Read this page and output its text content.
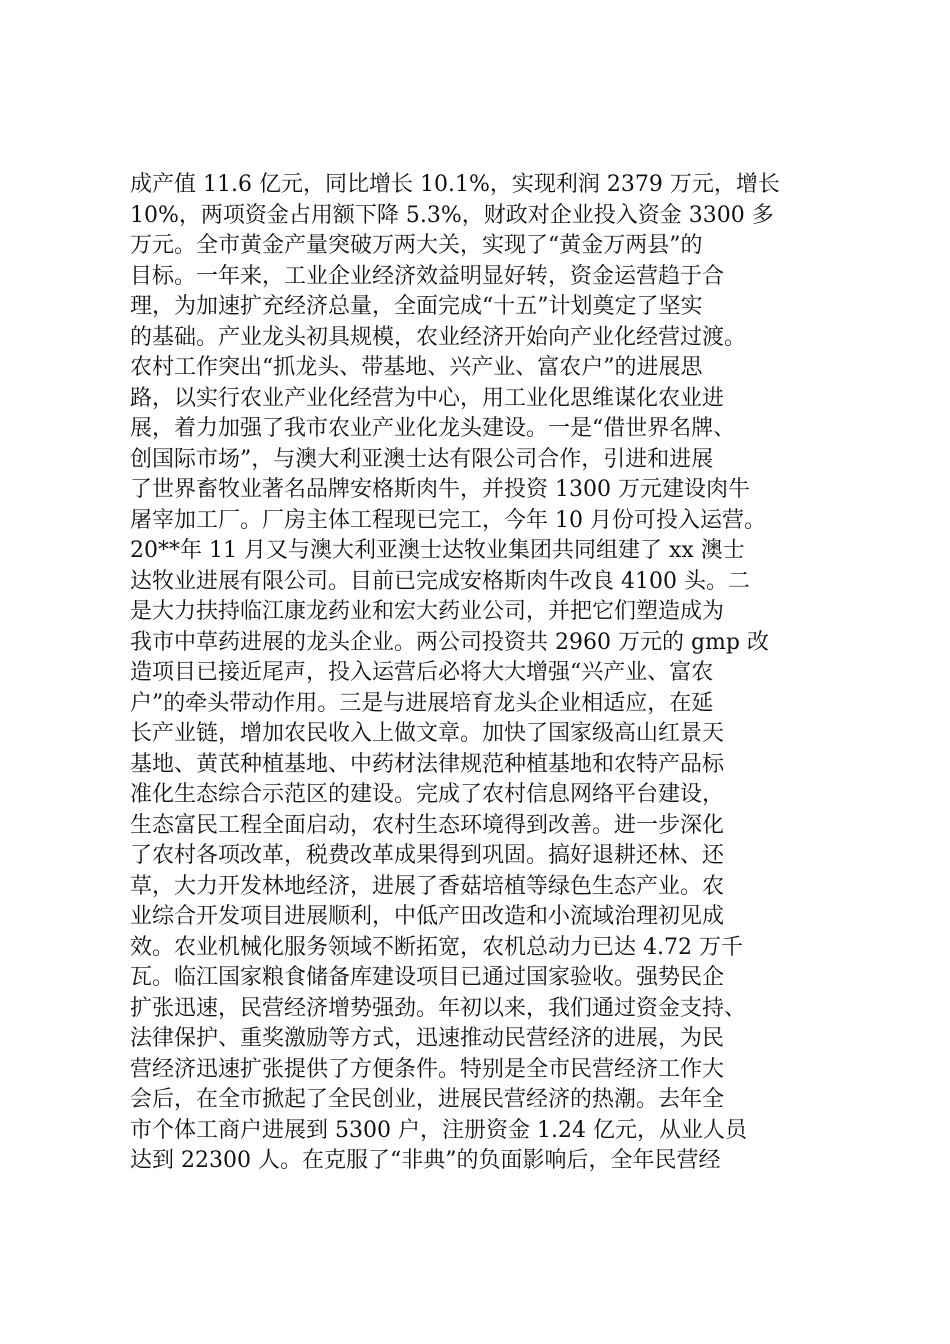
成产值 11.6 亿元，同比增长 10.1%，实现利润 2379 万元，增长
10%，两项资金占用额下降 5.3%，财政对企业投入资金 3300 多
万元。全市黄金产量突破万两大关，实现了“黄金万两县”的
目标。一年来，工业企业经济效益明显好转，资金运营趋于合
理，为加速扩充经济总量，全面完成“十五”计划奠定了坚实
的基础。产业龙头初具规模，农业经济开始向产业化经营过渡。
农村工作突出“抓龙头、带基地、兴产业、富农户”的进展思
路，以实行农业产业化经营为中心，用工业化思维谋化农业进
展，着力加强了我市农业产业化龙头建设。一是“借世界名牌、
创国际市场”，与澳大利亚澳士达有限公司合作，引进和进展
了世界畜牧业著名品牌安格斯肉牛，并投资 1300 万元建设肉牛
屠宰加工厂。厂房主体工程现已完工，今年 10 月份可投入运营。
20**年 11 月又与澳大利亚澳士达牧业集团共同组建了 xx 澳士
达牧业进展有限公司。目前已完成安格斯肉牛改良 4100 头。二
是大力扶持临江康龙药业和宏大药业公司，并把它们塑造成为
我市中草药进展的龙头企业。两公司投资共 2960 万元的 gmp 改
造项目已接近尾声，投入运营后必将大大增强“兴产业、富农
户”的牵头带动作用。三是与进展培育龙头企业相适应，在延
长产业链，增加农民收入上做文章。加快了国家级高山红景天
基地、黄芪种植基地、中药材法律规范种植基地和农特产品标
准化生态综合示范区的建设。完成了农村信息网络平台建设，
生态富民工程全面启动，农村生态环境得到改善。进一步深化
了农村各项改革，税费改革成果得到巩固。搞好退耕还林、还
草，大力开发林地经济，进展了香菇培植等绿色生态产业。农
业综合开发项目进展顺利，中低产田改造和小流域治理初见成
效。农业机械化服务领域不断拓宽，农机总动力已达 4.72 万千
瓦。临江国家粮食储备库建设项目已通过国家验收。强势民企
扩张迅速，民营经济增势强劲。年初以来，我们通过资金支持、
法律保护、重奖激励等方式，迅速推动民营经济的进展，为民
营经济迅速扩张提供了方便条件。特别是全市民营经济工作大
会后，在全市掀起了全民创业，进展民营经济的热潮。去年全
市个体工商户进展到 5300 户，注册资金 1.24 亿元，从业人员
达到 22300 人。在克服了“非典”的负面影响后，全年民营经
